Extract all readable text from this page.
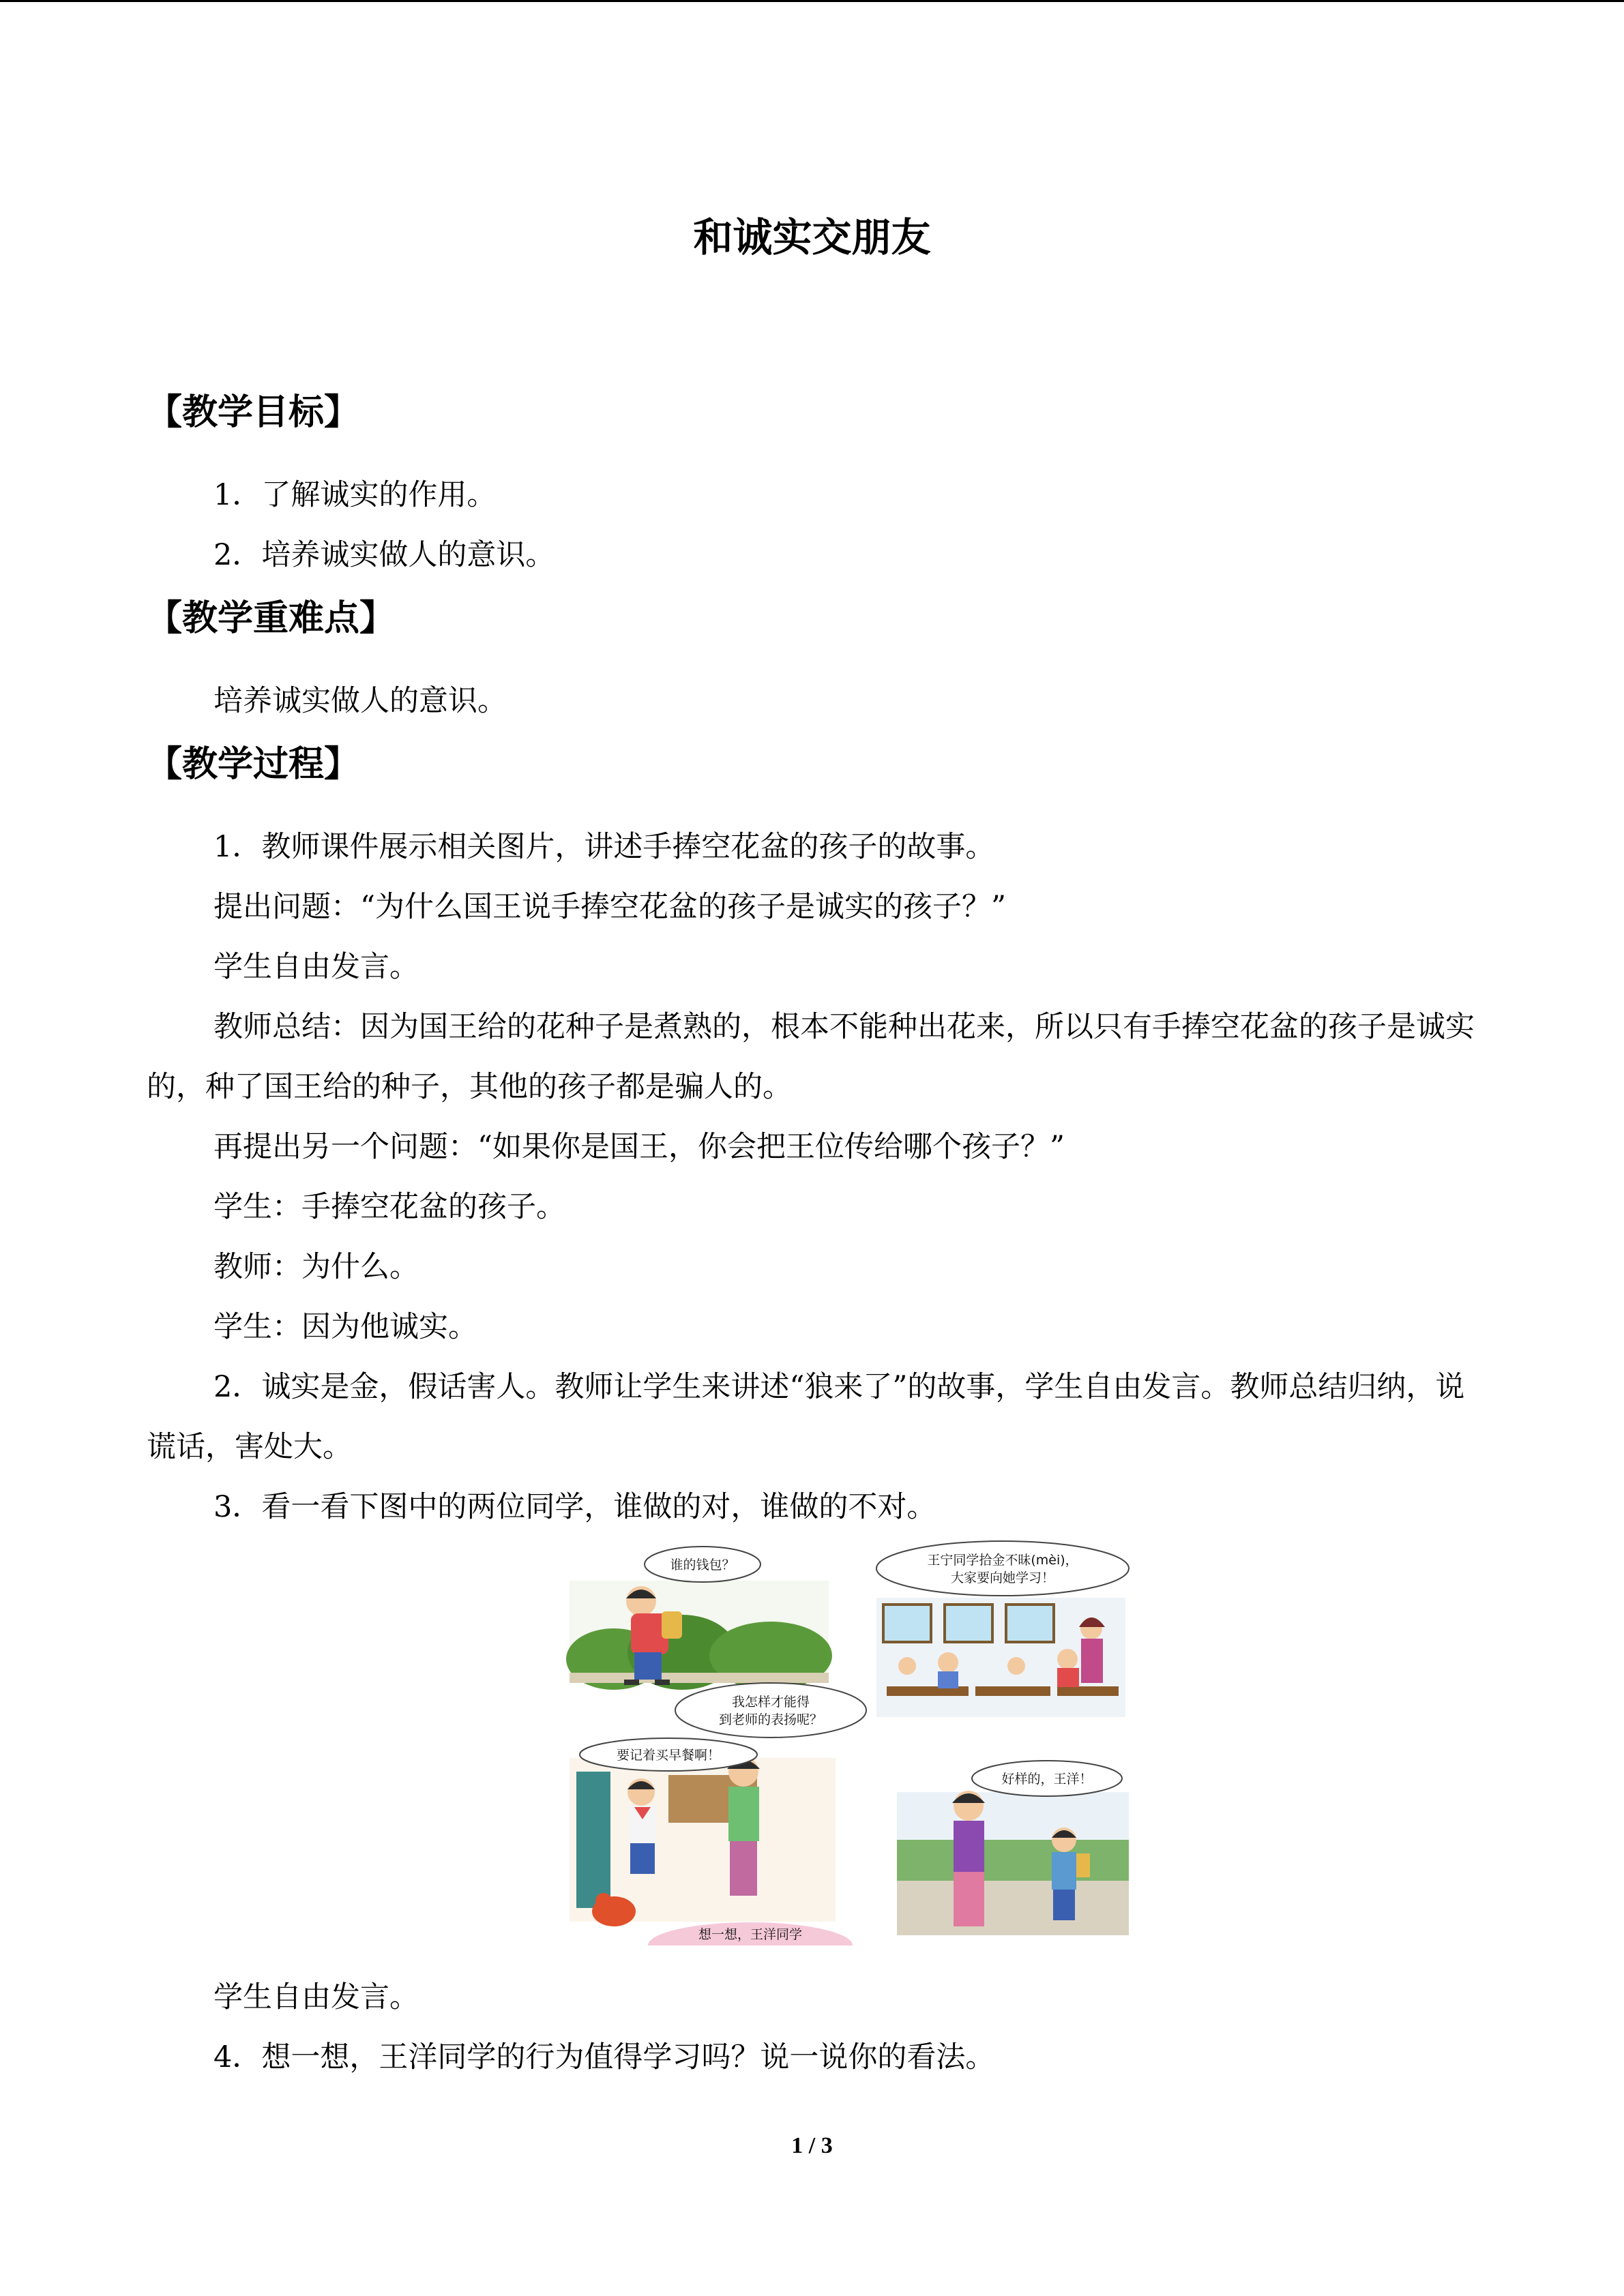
和诚实交朋友
【教学目标】

1．了解诚实的作用。

2．培养诚实做人的意识。

【教学重难点】

培养诚实做人的意识。

【教学过程】

1．教师课件展示相关图片，讲述手捧空花盆的孩子的故事。

提出问题：“为什么国王说手捧空花盆的孩子是诚实的孩子？”

学生自由发言。

教师总结：因为国王给的花种子是煮熟的，根本不能种出花来，所以只有手捧空花盆的孩子是诚实的，种了国王给的种子，其他的孩子都是骗人的。

再提出另一个问题：“如果你是国王，你会把王位传给哪个孩子？”

学生：手捧空花盆的孩子。

教师：为什么。

学生：因为他诚实。

2．诚实是金，假话害人。教师让学生来讲述“狼来了”的故事，学生自由发言。教师总结归纳，说谎话，害处大。

3．看一看下图中的两位同学，谁做的对，谁做的不对。

谁的钱包？	王宁同学拾金不昧(mèi)，
大家要向她学习！
我怎样才能得
到老师的表扬呢？
要记着买早餐啊！
好样的，王洋！
想一想，王洋同学

学生自由发言。

4．想一想，王洋同学的行为值得学习吗？说一说你的看法。

1 / 3
